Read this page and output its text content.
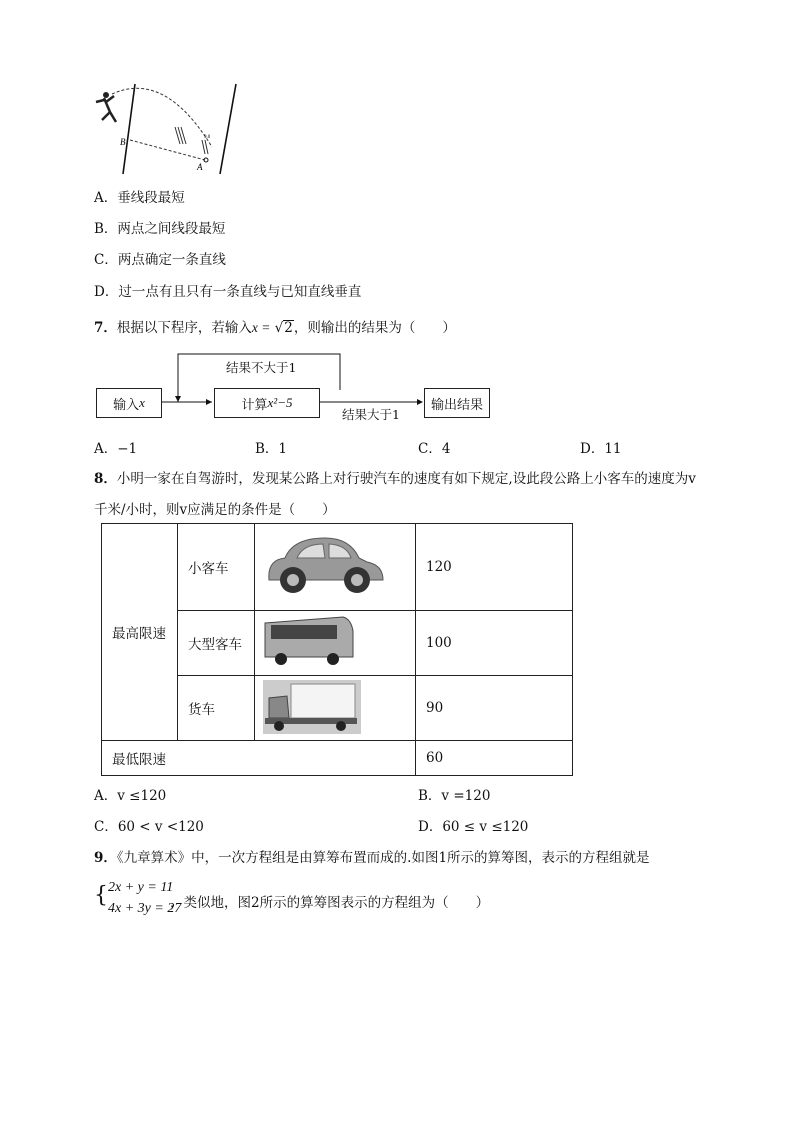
B
A
9.0
A．垂线段最短
B．两点之间线段最短
C．两点确定一条直线
D．过一点有且只有一条直线与已知直线垂直
7．根据以下程序，若输入x = √2，则输出的结果为（　　）
输入 x	计算 x²−5	输出结果
结果不大于1
结果大于1
A．−1	B．1	C．4	D．11
8．小明一家在自驾游时，发现某公路上对行驶汽车的速度有如下规定,设此段公路上小客车的速度为v
千米/小时，则v应满足的条件是（　　）
最高限速	小客车		120
	大型客车		100
	货车		90
最低限速			60
A．v ≤120	B．v =120
C．60 < v <120	D．60 ≤ v ≤120
9．《九章算术》中，一次方程组是由算筹布置而成的.如图1所示的算筹图，表示的方程组就是
{ 2x + y = 11
4x + 3y = 27
，类似地，图2所示的算筹图表示的方程组为（　　）
